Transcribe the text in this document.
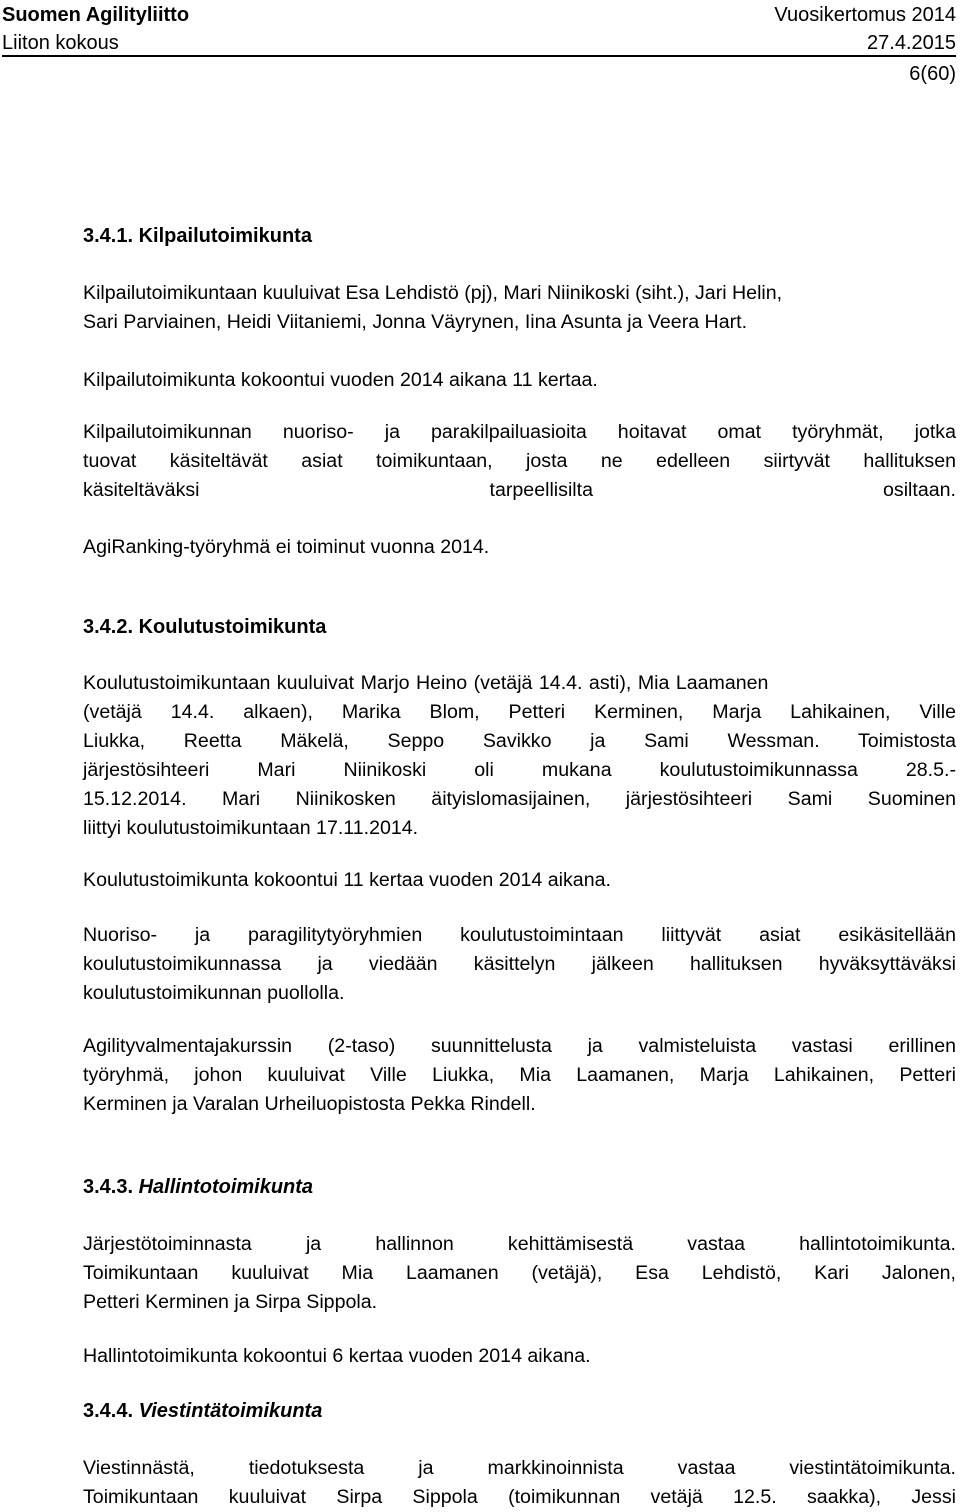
Suomen Agilityliitto	Vuosikertomus 2014
Liiton kokous	27.4.2015
6(60)
3.4.1. Kilpailutoimikunta
Kilpailutoimikuntaan kuuluivat Esa Lehdistö (pj), Mari Niinikoski (siht.), Jari Helin,
Sari Parviainen, Heidi Viitaniemi, Jonna Väyrynen, Iina Asunta ja Veera Hart.
Kilpailutoimikunta kokoontui vuoden 2014 aikana 11 kertaa.
Kilpailutoimikunnan nuoriso- ja parakilpailuasioita hoitavat omat työryhmät, jotka
tuovat käsiteltävät asiat toimikuntaan, josta ne edelleen siirtyvät hallituksen
käsiteltäväksi tarpeellisilta osiltaan.
AgiRanking-työryhmä ei toiminut vuonna 2014.
3.4.2. Koulutustoimikunta
Koulutustoimikuntaan kuuluivat Marjo Heino (vetäjä 14.4. asti), Mia Laamanen
(vetäjä 14.4. alkaen), Marika Blom, Petteri Kerminen, Marja Lahikainen, Ville
Liukka, Reetta Mäkelä, Seppo Savikko ja Sami Wessman. Toimistosta
järjestösihteeri Mari Niinikoski oli mukana koulutustoimikunnassa 28.5.-
15.12.2014. Mari Niinikosken äityislomasijainen, järjestösihteeri Sami Suominen
liittyi koulutustoimikuntaan 17.11.2014.
Koulutustoimikunta kokoontui 11 kertaa vuoden 2014 aikana.
Nuoriso- ja paragilitytyöryhmien koulutustoimintaan liittyvät asiat esikäsitellään
koulutustoimikunnassa ja viedään käsittelyn jälkeen hallituksen hyväksyttäväksi
koulutustoimikunnan puollolla.
Agilityvalmentajakurssin (2-taso) suunnittelusta ja valmisteluista vastasi erillinen
työryhmä, johon kuuluivat Ville Liukka, Mia Laamanen, Marja Lahikainen, Petteri
Kerminen ja Varalan Urheiluopistosta Pekka Rindell.
3.4.3. Hallintotoimikunta
Järjestötoiminnasta ja hallinnon kehittämisestä vastaa hallintotoimikunta.
Toimikuntaan kuuluivat Mia Laamanen (vetäjä), Esa Lehdistö, Kari Jalonen,
Petteri Kerminen ja Sirpa Sippola.
Hallintotoimikunta kokoontui 6 kertaa vuoden 2014 aikana.
3.4.4. Viestintätoimikunta
Viestinnästä, tiedotuksesta ja markkinoinnista vastaa viestintätoimikunta.
Toimikuntaan kuuluivat Sirpa Sippola (toimikunnan vetäjä 12.5. saakka), Jessi
